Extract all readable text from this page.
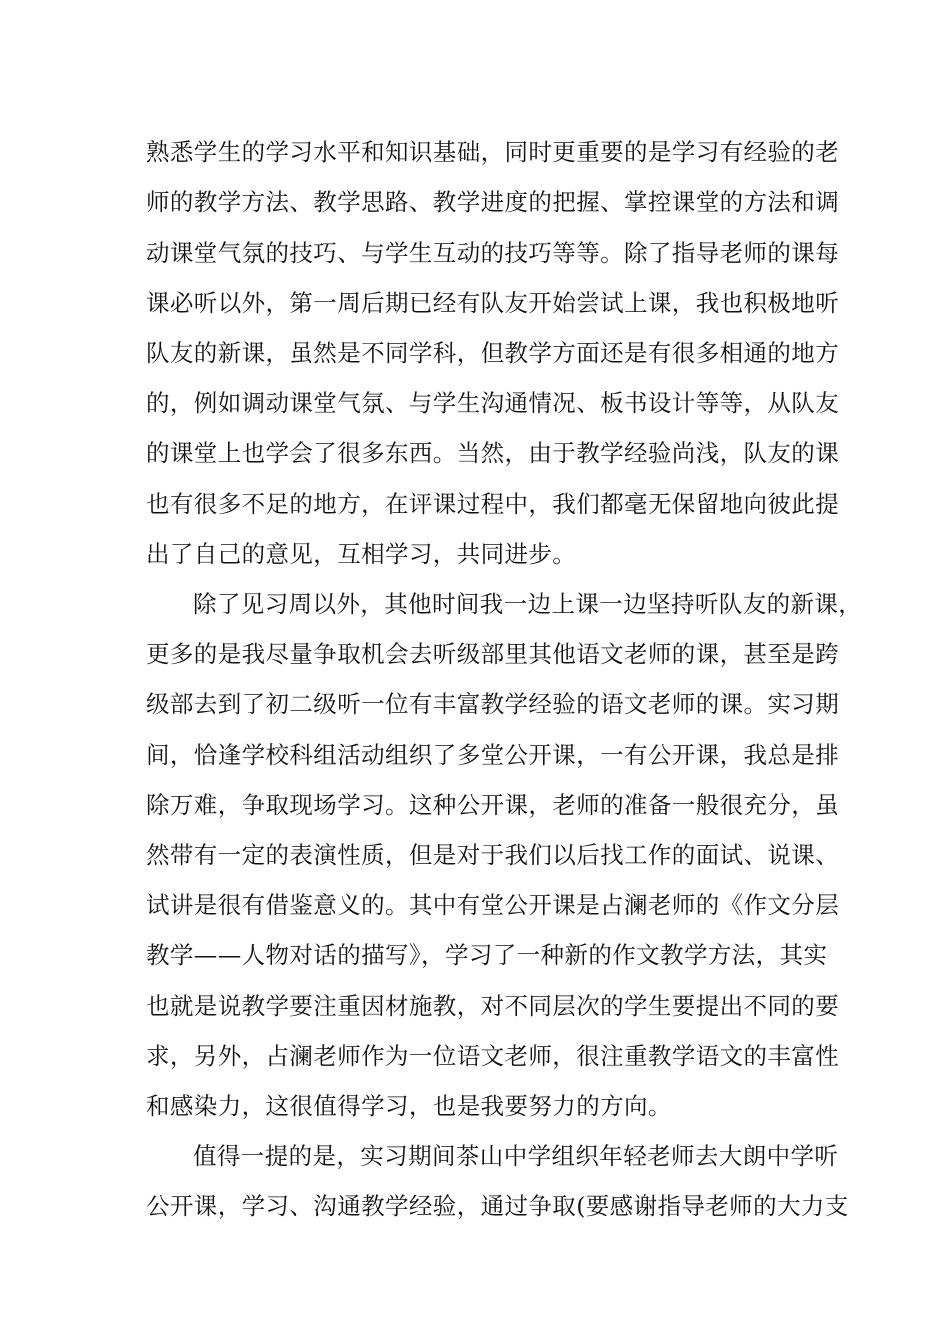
熟悉学生的学习水平和知识基础，同时更重要的是学习有经验的老
师的教学方法、教学思路、教学进度的把握、掌控课堂的方法和调
动课堂气氛的技巧、与学生互动的技巧等等。除了指导老师的课每
课必听以外，第一周后期已经有队友开始尝试上课，我也积极地听
队友的新课，虽然是不同学科，但教学方面还是有很多相通的地方
的，例如调动课堂气氛、与学生沟通情况、板书设计等等，从队友
的课堂上也学会了很多东西。当然，由于教学经验尚浅，队友的课
也有很多不足的地方，在评课过程中，我们都毫无保留地向彼此提
出了自己的意见，互相学习，共同进步。
除了见习周以外，其他时间我一边上课一边坚持听队友的新课，
更多的是我尽量争取机会去听级部里其他语文老师的课，甚至是跨
级部去到了初二级听一位有丰富教学经验的语文老师的课。实习期
间，恰逢学校科组活动组织了多堂公开课，一有公开课，我总是排
除万难，争取现场学习。这种公开课，老师的准备一般很充分，虽
然带有一定的表演性质，但是对于我们以后找工作的面试、说课、
试讲是很有借鉴意义的。其中有堂公开课是占澜老师的《作文分层
教学——人物对话的描写》，学习了一种新的作文教学方法，其实
也就是说教学要注重因材施教，对不同层次的学生要提出不同的要
求，另外，占澜老师作为一位语文老师，很注重教学语文的丰富性
和感染力，这很值得学习，也是我要努力的方向。
值得一提的是，实习期间茶山中学组织年轻老师去大朗中学听
公开课，学习、沟通教学经验，通过争取(要感谢指导老师的大力支
